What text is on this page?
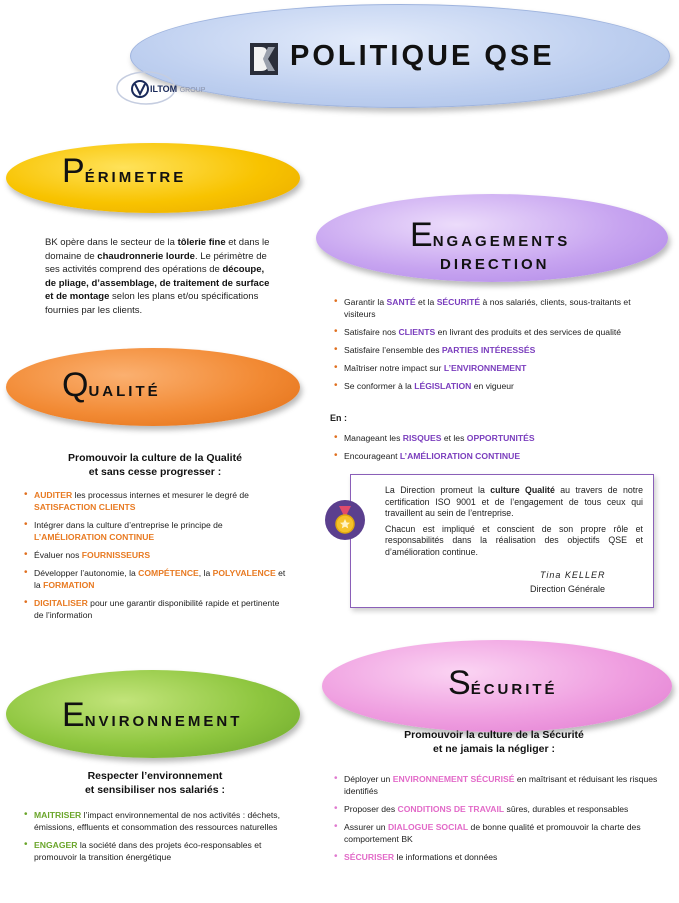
POLITIQUE QSE
ILTOM GROUP
PÉRIMETRE
BK opère dans le secteur de la tôlerie fine et dans le domaine de chaudronnerie lourde. Le périmètre de ses activités comprend des opérations de découpe, de pliage, d’assemblage, de traitement de surface et de montage selon les plans et/ou spécifications fournies par les clients.
QUALITÉ
Promouvoir la culture de la Qualité
et sans cesse progresser :
• AUDITER les processus internes et mesurer le degré de SATISFACTION CLIENTS
• Intégrer dans la culture d’entreprise le principe de L’AMÉLIORATION CONTINUE
• Évaluer nos FOURNISSEURS
• Développer l’autonomie, la COMPÉTENCE, la POLYVALENCE et la FORMATION
• DIGITALISER pour une garantir disponibilité rapide et pertinente de l’information
ENGAGEMENTS
DIRECTION
• Garantir la SANTÉ et la SÉCURITÉ à nos salariés, clients, sous-traitants et visiteurs
• Satisfaire nos CLIENTS en livrant des produits et des services de qualité
• Satisfaire l’ensemble des PARTIES INTÉRESSÉS
• Maîtriser notre impact sur L’ENVIRONNEMENT
• Se conformer à la LÉGISLATION en vigueur
En :
• Manageant les RISQUES et les OPPORTUNITÉS
• Encourageant L’AMÉLIORATION CONTINUE

La Direction promeut la culture Qualité au travers de notre certification ISO 9001 et de l’engagement de tous ceux qui travaillent au sein de l’entreprise.

Chacun est impliqué et conscient de son propre rôle et responsabilités dans la réalisation des objectifs QSE et d’amélioration continue.

Tina KELLER
Direction Générale
ENVIRONNEMENT
Respecter l’environnement
et sensibiliser nos salariés :
• MAITRISER l’impact environnemental de nos activités : déchets, émissions, effluents et consommation des ressources naturelles
• ENGAGER la société dans des projets éco-responsables et promouvoir la transition énergétique
SÉCURITÉ
Promouvoir la culture de la Sécurité
et ne jamais la négliger :
• Déployer un ENVIRONNEMENT SÉCURISÉ en maîtrisant et réduisant les risques identifiés
• Proposer des CONDITIONS DE TRAVAIL sûres, durables et responsables
• Assurer un DIALOGUE SOCIAL de bonne qualité et promouvoir la charte des comportement BK
• SÉCURISER le informations et données
